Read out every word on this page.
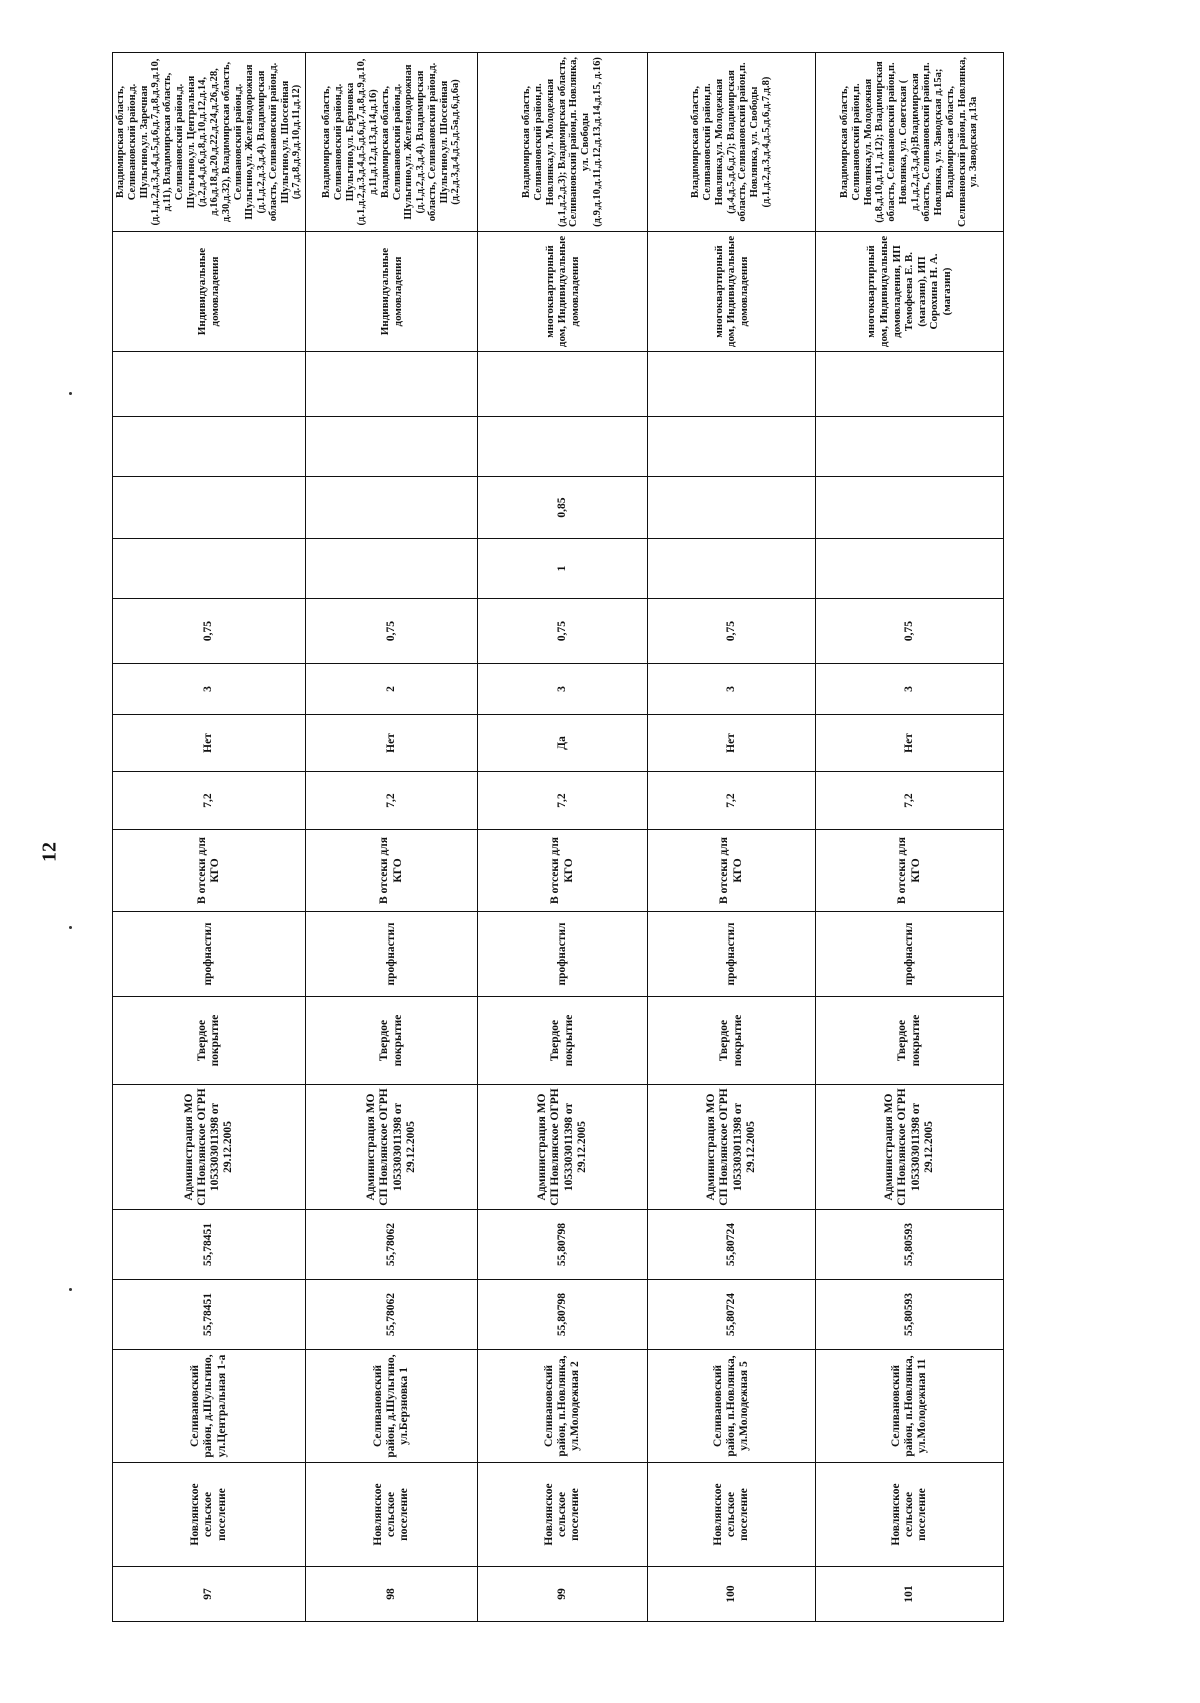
12
97	Новлянское сельское поселение	Селивановский район, д.Шульгино, ул.Центральная 1-а	55,78451	55,78451	Администрация МО СП Новлянское ОГРН 1053303011398 от 29.12.2005	Твердое покрытие	профнастил	В отсеки для КГО	7,2	Нет	3	0,75					Индивидуальные домовладения	Владимирская область, Селивановский район,д. Шульгино,ул. Заречная (д.1,д.2,д.3,д.4,д.5,д.6,д.7,д.8,д.9,д.10,д.11), Владимирская область, Селивановский район,д. Шульгино,ул. Центральная (д.2,д.4,д.6,д.8,д.10,д.12,д.14, д.16,д.18,д.20,д.22,д.24,д.26,д.28, д.30,д.32), Владимирская область, Селивановский район,д. Шульгино,ул. Железнодорожная (д.1,д.2,д.3,д.4), Владимирская область, Селивановский район,д. Шульгино,ул. Шоссейная (д.7,д.8,д.9,д.10,д.11,д.12)
98	Новлянское сельское поселение	Селивановский район, д.Шульгино, ул.Берзновка 1	55,78062	55,78062	Администрация МО СП Новлянское ОГРН 1053303011398 от 29.12.2005	Твердое покрытие	профнастил	В отсеки для КГО	7,2	Нет	2	0,75					Индивидуальные домовладения	Владимирская область, Селивановский район,д. Шульгино,ул. Берзновка (д.1,д.2,д.3,д.4,д.5,д.6,д.7,д.8,д.9,д.10,д.11,д.12,д.13,д.14,д.16) Владимирская область, Селивановский район,д. Шульгино,ул. Железнодорожная (д.1,д.2,д.3,д.4), Владимирская область, Селивановский район,д. Шульгино,ул. Шоссейная (д.2,д.3,д.4,д.5,д.5а,д.6,д.6а)
99	Новлянское сельское поселение	Селивановский район, п.Новлянка, ул.Молодежная 2	55,80798	55,80798	Администрация МО СП Новлянское ОГРН 1053303011398 от 29.12.2005	Твердое покрытие	профнастил	В отсеки для КГО	7,2	Да	3	0,75	1	0,85			многоквартирный дом, Индивидуальные домовладения	Владимирская область, Селивановский район,п. Новлянка,ул. Молодежная (д.1,д.2,д.3); Владимирская область, Селивановский район,п. Новлянка, ул. Свободы (д.9,д.10,д.11,д.12,д.13,д.14,д.15, д.16)
100	Новлянское сельское поселение	Селивановский район, п.Новлянка, ул.Молодежная 5	55,80724	55,80724	Администрация МО СП Новлянское ОГРН 1053303011398 от 29.12.2005	Твердое покрытие	профнастил	В отсеки для КГО	7,2	Нет	3	0,75					многоквартирный дом, Индивидуальные домовладения	Владимирская область, Селивановский район,п. Новлянка,ул. Молодежная (д.4,д.5,д.6,д.7); Владимирская область, Селивановский район,п. Новлянка, ул. Свободы (д.1,д.2,д.3,д.4,д.5,д.6,д.7,д.8)
101	Новлянское сельское поселение	Селивановский район, п.Новлянка, ул.Молодежная 11	55,80593	55,80593	Администрация МО СП Новлянское ОГРН 1053303011398 от 29.12.2005	Твердое покрытие	профнастил	В отсеки для КГО	7,2	Нет	3	0,75					многоквартирный дом, Индивидуальные домовладения, ИП Темофеева Е. В.(магазин), ИП Сорохина Н. А. (магазин)	Владимирская область, Селивановский район,п. Новлянка,ул. Молодежная (д.8,д.10,д.11, д.12); Владимирская область, Селивановский район,п. Новлянка, ул. Советская ( д.1,д.2,д.3,д.4);Владимирская область, Селивановский район,п. Новлянка, ул. Заводская д.15а; Владимирская область, Селивановский район,п. Новлянка, ул. Заводская д.13а
